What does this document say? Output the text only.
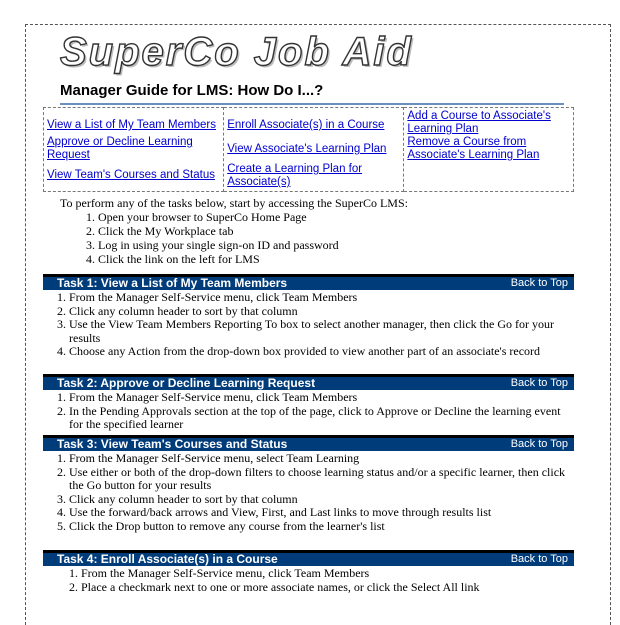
SuperCo Job Aid
Manager Guide for LMS: How Do I...?
View a List of My Team Members
Approve or Decline Learning Request
View Team's Courses and Status

Enroll Associate(s) in a Course
View Associate's Learning Plan
Create a Learning Plan for Associate(s)

Add a Course to Associate's Learning Plan
Remove a Course from Associate's Learning Plan
To perform any of the tasks below, start by accessing the SuperCo LMS:
1. Open your browser to SuperCo Home Page
2. Click the My Workplace tab
3. Log in using your single sign-on ID and password
4. Click the link on the left for LMS
Task 1: View a List of My Team Members	Back to Top
1. From the Manager Self-Service menu, click Team Members
2. Click any column header to sort by that column
3. Use the View Team Members Reporting To box to select another manager, then click the Go for your results
4. Choose any Action from the drop-down box provided to view another part of an associate's record
Task 2: Approve or Decline Learning Request	Back to Top
1. From the Manager Self-Service menu, click Team Members
2. In the Pending Approvals section at the top of the page, click to Approve or Decline the learning event for the specified learner
Task 3: View Team's Courses and Status	Back to Top
1. From the Manager Self-Service menu, select Team Learning
2. Use either or both of the drop-down filters to choose learning status and/or a specific learner, then click the Go button for your results
3. Click any column header to sort by that column
4. Use the forward/back arrows and View, First, and Last links to move through results list
5. Click the Drop button to remove any course from the learner's list
Task 4: Enroll Associate(s) in a Course	Back to Top
1. From the Manager Self-Service menu, click Team Members
2. Place a checkmark next to one or more associate names, or click the Select All link
